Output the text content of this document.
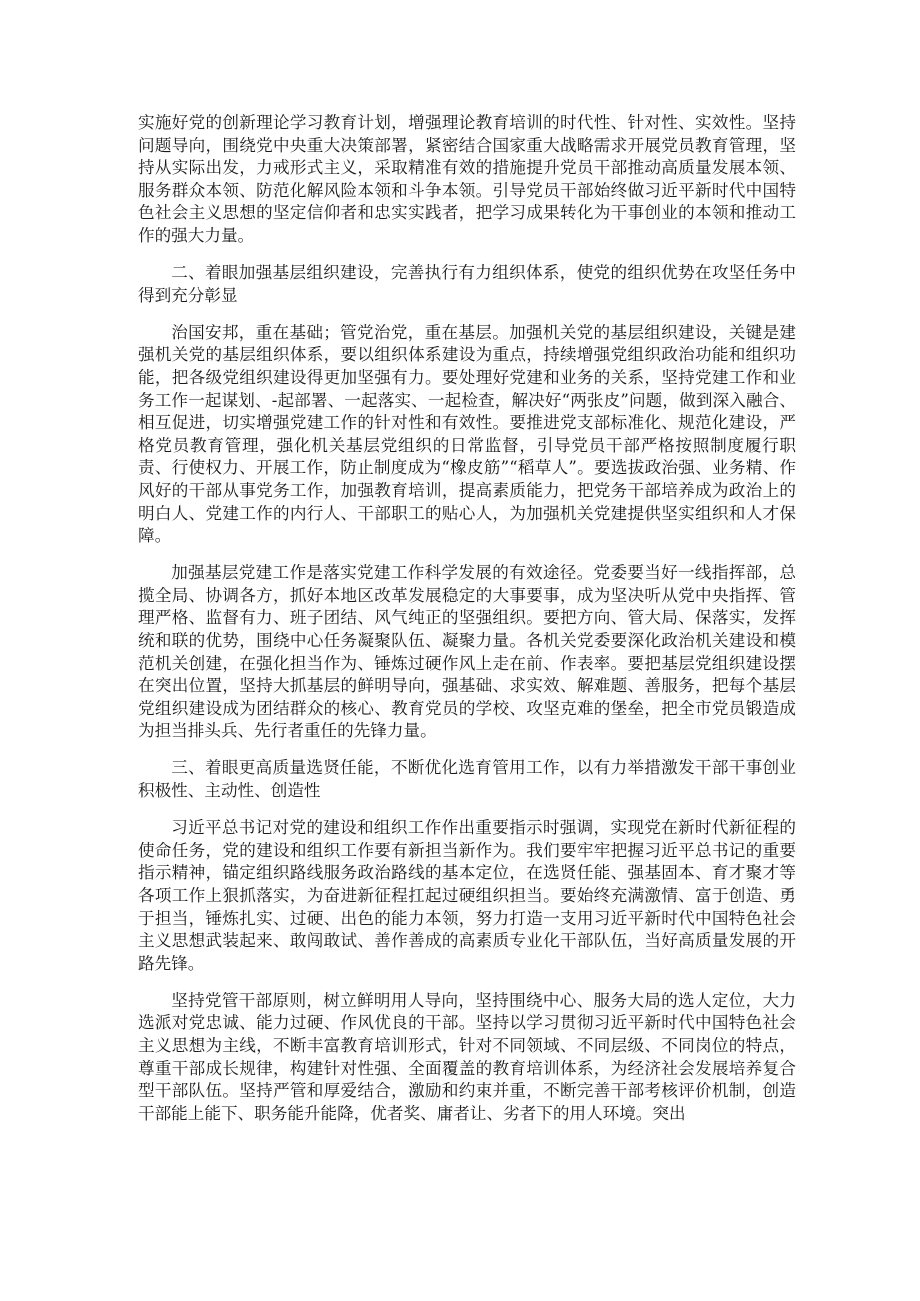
实施好党的创新理论学习教育计划，增强理论教育培训的时代性、针对性、实效性。坚持问题导向，围绕党中央重大决策部署，紧密结合国家重大战略需求开展党员教育管理，坚持从实际出发，力戒形式主义，采取精准有效的措施提升党员干部推动高质量发展本领、服务群众本领、防范化解风险本领和斗争本领。引导党员干部始终做习近平新时代中国特色社会主义思想的坚定信仰者和忠实实践者，把学习成果转化为干事创业的本领和推动工作的强大力量。

二、着眼加强基层组织建设，完善执行有力组织体系，使党的组织优势在攻坚任务中得到充分彰显

治国安邦，重在基础；管党治党，重在基层。加强机关党的基层组织建设，关键是建强机关党的基层组织体系，要以组织体系建设为重点，持续增强党组织政治功能和组织功能，把各级党组织建设得更加坚强有力。要处理好党建和业务的关系，坚持党建工作和业务工作一起谋划、-起部署、一起落实、一起检查，解决好“两张皮”问题，做到深入融合、相互促进，切实增强党建工作的针对性和有效性。要推进党支部标准化、规范化建设，严格党员教育管理，强化机关基层党组织的日常监督，引导党员干部严格按照制度履行职责、行使权力、开展工作，防止制度成为“橡皮筋”“稻草人”。要选拔政治强、业务精、作风好的干部从事党务工作，加强教育培训，提高素质能力，把党务干部培养成为政治上的明白人、党建工作的内行人、干部职工的贴心人，为加强机关党建提供坚实组织和人才保障。

加强基层党建工作是落实党建工作科学发展的有效途径。党委要当好一线指挥部，总揽全局、协调各方，抓好本地区改革发展稳定的大事要事，成为坚决听从党中央指挥、管理严格、监督有力、班子团结、风气纯正的坚强组织。要把方向、管大局、保落实，发挥统和联的优势，围绕中心任务凝聚队伍、凝聚力量。各机关党委要深化政治机关建设和模范机关创建，在强化担当作为、锤炼过硬作风上走在前、作表率。要把基层党组织建设摆在突出位置，坚持大抓基层的鲜明导向，强基础、求实效、解难题、善服务，把每个基层党组织建设成为团结群众的核心、教育党员的学校、攻坚克难的堡垒，把全市党员锻造成为担当排头兵、先行者重任的先锋力量。

三、着眼更高质量选贤任能，不断优化选育管用工作，以有力举措激发干部干事创业积极性、主动性、创造性

习近平总书记对党的建设和组织工作作出重要指示时强调，实现党在新时代新征程的使命任务，党的建设和组织工作要有新担当新作为。我们要牢牢把握习近平总书记的重要指示精神，锚定组织路线服务政治路线的基本定位，在选贤任能、强基固本、育才聚才等各项工作上狠抓落实，为奋进新征程扛起过硬组织担当。要始终充满激情、富于创造、勇于担当，锤炼扎实、过硬、出色的能力本领，努力打造一支用习近平新时代中国特色社会主义思想武装起来、敢闯敢试、善作善成的高素质专业化干部队伍，当好高质量发展的开路先锋。

坚持党管干部原则，树立鲜明用人导向，坚持围绕中心、服务大局的选人定位，大力选派对党忠诚、能力过硬、作风优良的干部。坚持以学习贯彻习近平新时代中国特色社会主义思想为主线，不断丰富教育培训形式，针对不同领域、不同层级、不同岗位的特点，尊重干部成长规律，构建针对性强、全面覆盖的教育培训体系，为经济社会发展培养复合型干部队伍。坚持严管和厚爱结合，激励和约束并重，不断完善干部考核评价机制，创造干部能上能下、职务能升能降，优者奖、庸者让、劣者下的用人环境。突出
